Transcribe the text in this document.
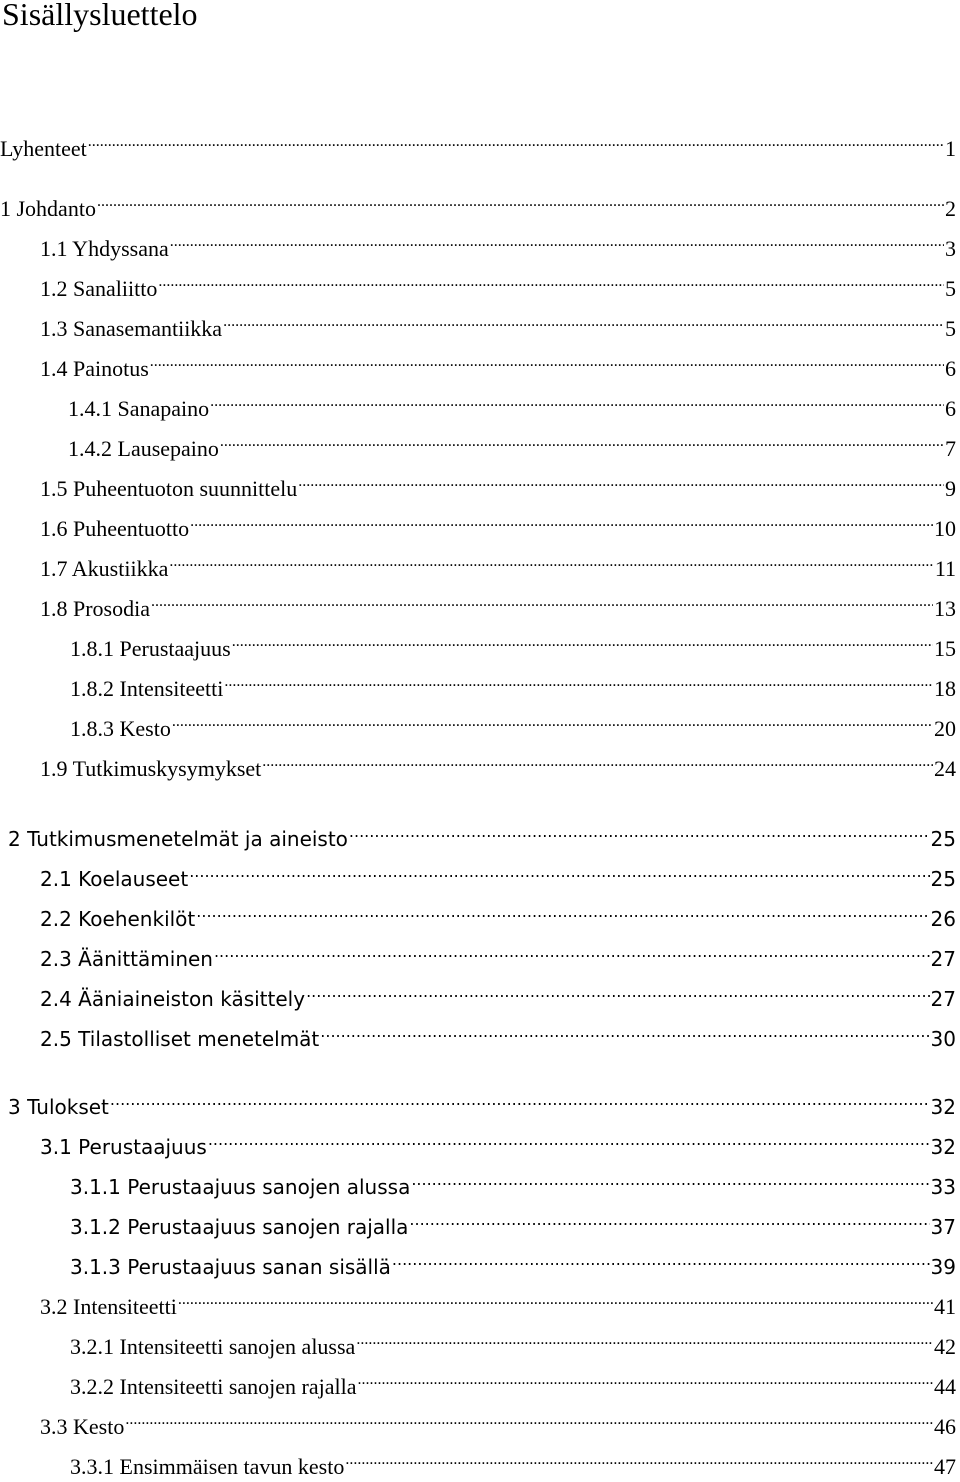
Sisällysluettelo
Lyhenteet .....	1
1 Johdanto .....	2
1.1 Yhdyssana .....	3
1.2 Sanaliitto .....	5
1.3 Sanasemantiikka .....	5
1.4 Painotus .....	6
1.4.1 Sanapaino .....	6
1.4.2 Lausepaino .....	7
1.5 Puheentuoton suunnittelu .....	9
1.6 Puheentuotto .....	10
1.7 Akustiikka .....	11
1.8 Prosodia .....	13
1.8.1 Perustaajuus .....	15
1.8.2 Intensiteetti .....	18
1.8.3 Kesto .....	20
1.9 Tutkimuskysymykset .....	24
2 Tutkimusmenetelmät ja aineisto .....	25
2.1 Koelauseet .....	25
2.2 Koehenkilöt .....	26
2.3 Äänittäminen .....	27
2.4 Ääniaineiston käsittely .....	27
2.5 Tilastolliset menetelmät .....	30
3 Tulokset .....	32
3.1 Perustaajuus .....	32
3.1.1 Perustaajuus sanojen alussa .....	33
3.1.2 Perustaajuus sanojen rajalla .....	37
3.1.3 Perustaajuus sanan sisällä .....	39
3.2 Intensiteetti .....	41
3.2.1 Intensiteetti sanojen alussa .....	42
3.2.2 Intensiteetti sanojen rajalla .....	44
3.3 Kesto .....	46
3.3.1 Ensimmäisen tavun kesto .....	47
